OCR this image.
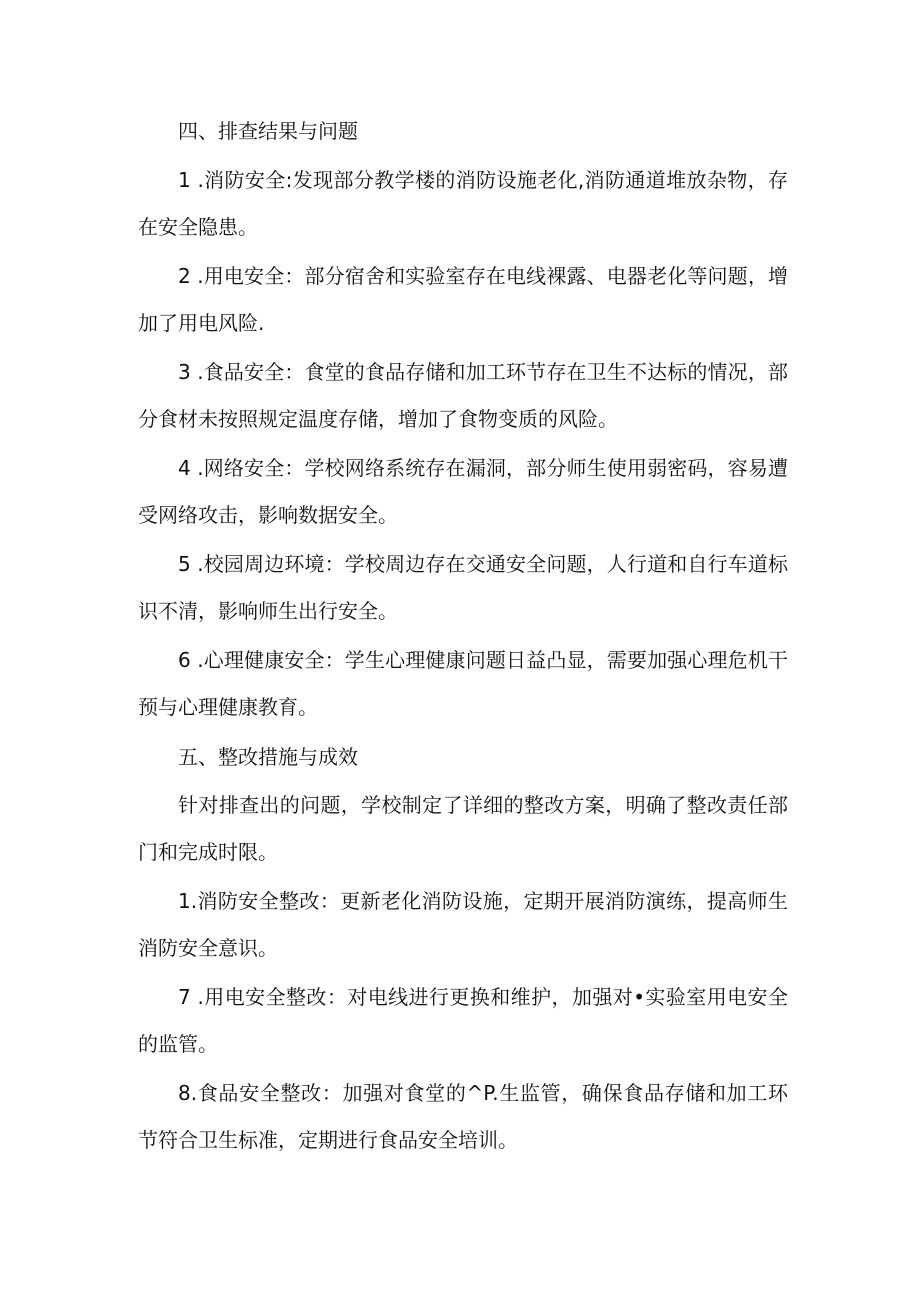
四、排查结果与问题

1 .消防安全:发现部分教学楼的消防设施老化,消防通道堆放杂物，存在安全隐患。

2 .用电安全：部分宿舍和实验室存在电线裸露、电器老化等问题，增加了用电风险.

3 .食品安全：食堂的食品存储和加工环节存在卫生不达标的情况，部分食材未按照规定温度存储，增加了食物变质的风险。

4 .网络安全：学校网络系统存在漏洞，部分师生使用弱密码，容易遭受网络攻击，影响数据安全。

5 .校园周边环境：学校周边存在交通安全问题，人行道和自行车道标识不清，影响师生出行安全。

6 .心理健康安全：学生心理健康问题日益凸显，需要加强心理危机干预与心理健康教育。

五、整改措施与成效

针对排查出的问题，学校制定了详细的整改方案，明确了整改责任部门和完成时限。

1.消防安全整改：更新老化消防设施，定期开展消防演练，提高师生消防安全意识。

7 .用电安全整改：对电线进行更换和维护，加强对•实验室用电安全的监管。

8.食品安全整改：加强对食堂的^P.生监管，确保食品存储和加工环节符合卫生标准，定期进行食品安全培训。
